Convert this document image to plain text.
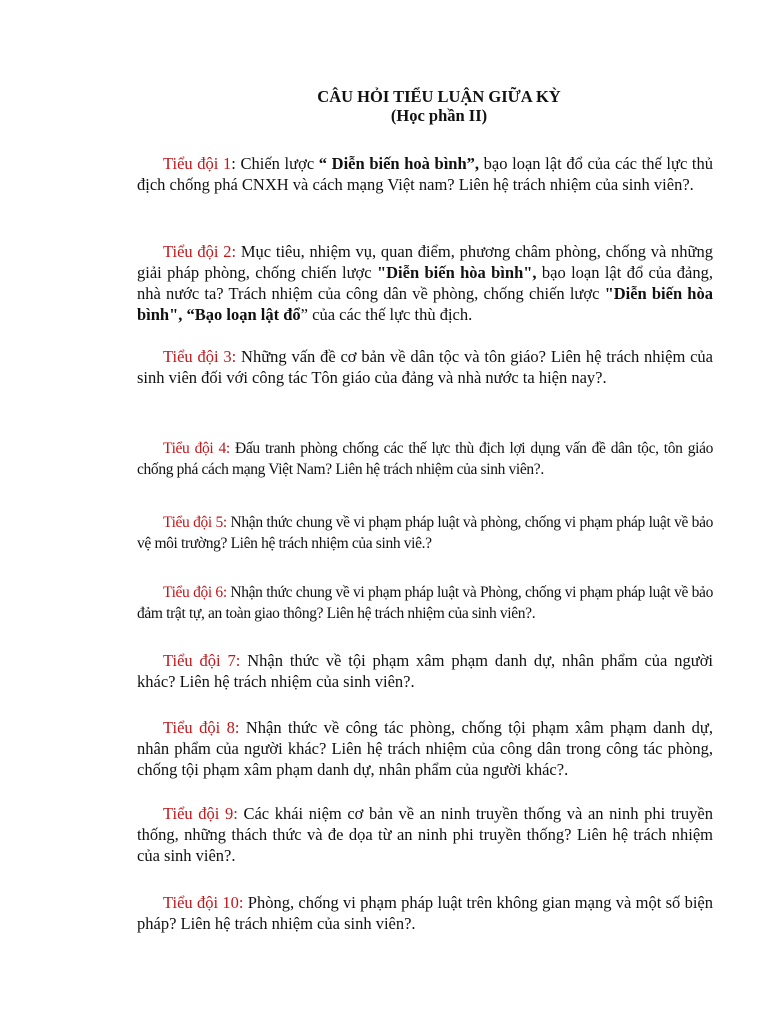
CÂU HỎI TIỂU LUẬN GIỮA KỲ
(Học phần II)

Tiểu đội 1: Chiến lược “ Diễn biến hoà bình”, bạo loạn lật đổ của các thế lực thủ địch chống phá CNXH và cách mạng Việt nam? Liên hệ trách nhiệm của sinh viên?.

Tiểu đội 2: Mục tiêu, nhiệm vụ, quan điểm, phương châm phòng, chống và những giải pháp phòng, chống chiến lược "Diễn biến hòa bình", bạo loạn lật đổ của đảng, nhà nước ta? Trách nhiệm của công dân về phòng, chống chiến lược "Diễn biến hòa bình", “Bạo loạn lật đổ” của các thế lực thù địch.

Tiểu đội 3: Những vấn đề cơ bản về dân tộc và tôn giáo? Liên hệ trách nhiệm của sinh viên đối với công tác Tôn giáo của đảng và nhà nước ta hiện nay?.

Tiểu đội 4: Đấu tranh phòng chống các thế lực thù địch lợi dụng vấn đề dân tộc, tôn giáo chống phá cách mạng Việt Nam? Liên hệ trách nhiệm của sinh viên?.

Tiểu đội 5: Nhận thức chung về vi phạm pháp luật và phòng, chống vi phạm pháp luật về bảo vệ môi trường? Liên hệ trách nhiệm của sinh viê.?

Tiểu đội 6: Nhận thức chung về vi phạm pháp luật và Phòng, chống vi phạm pháp luật về bảo đảm trật tự, an toàn giao thông? Liên hệ trách nhiệm của sinh viên?.

Tiểu đội 7: Nhận thức về tội phạm xâm phạm danh dự, nhân phẩm của người khác? Liên hệ trách nhiệm của sinh viên?.

Tiểu đội 8: Nhận thức về công tác phòng, chống tội phạm xâm phạm danh dự, nhân phẩm của người khác? Liên hệ trách nhiệm của công dân trong công tác phòng, chống tội phạm xâm phạm danh dự, nhân phẩm của người khác?.

Tiểu đội 9: Các khái niệm cơ bản về an ninh truyền thống và an ninh phi truyền thống, những thách thức và đe dọa từ an ninh phi truyền thống? Liên hệ trách nhiệm của sinh viên?.

Tiểu đội 10: Phòng, chống vi phạm pháp luật trên không gian mạng và một số biện pháp? Liên hệ trách nhiệm của sinh viên?.
